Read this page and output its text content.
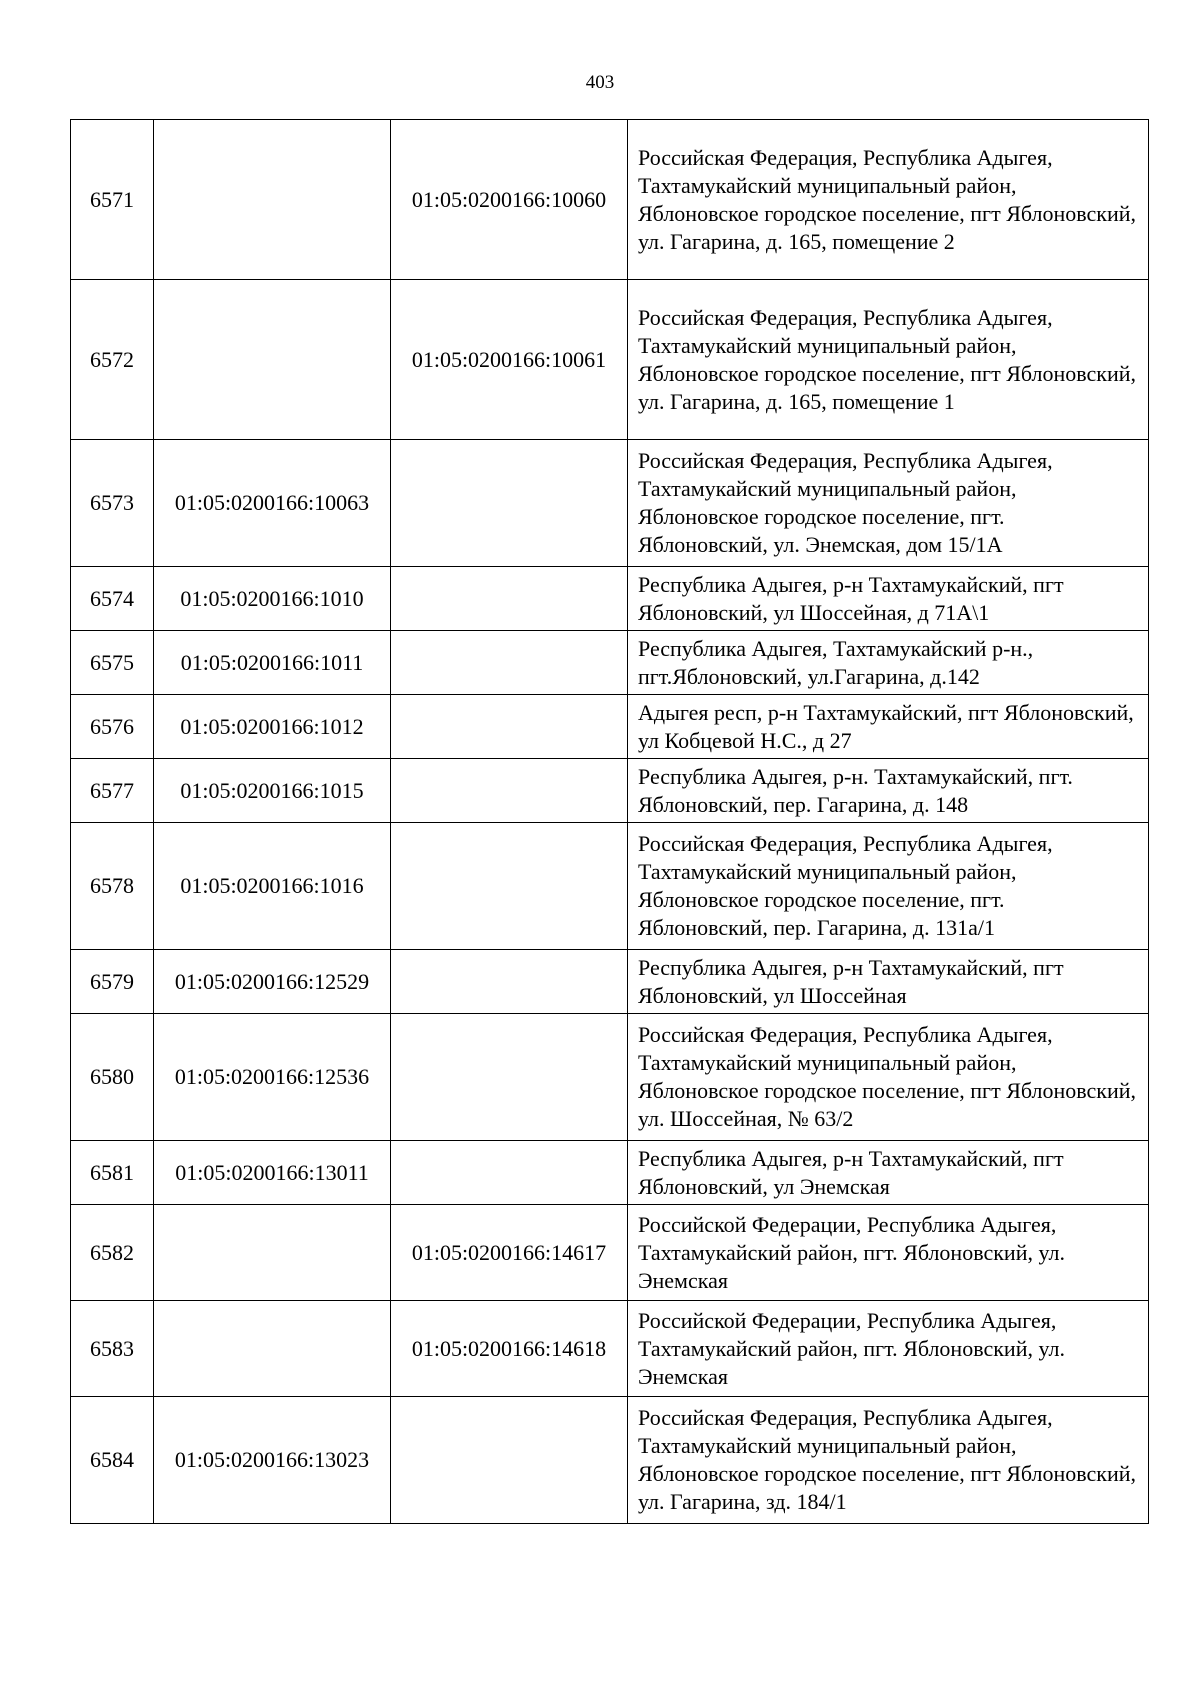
403
6571		01:05:0200166:10060	Российская Федерация, Республика Адыгея, Тахтамукайский муниципальный район, Яблоновское городское поселение, пгт Яблоновский, ул. Гагарина, д. 165, помещение 2
6572		01:05:0200166:10061	Российская Федерация, Республика Адыгея, Тахтамукайский муниципальный район, Яблоновское городское поселение, пгт Яблоновский, ул. Гагарина, д. 165, помещение 1
6573	01:05:0200166:10063		Российская Федерация, Республика Адыгея, Тахтамукайский муниципальный район, Яблоновское городское поселение, пгт. Яблоновский, ул. Энемская, дом 15/1А
6574	01:05:0200166:1010		Республика Адыгея, р-н Тахтамукайский, пгт Яблоновский, ул Шоссейная, д 71А\1
6575	01:05:0200166:1011		Республика Адыгея, Тахтамукайский р-н., пгт.Яблоновский, ул.Гагарина, д.142
6576	01:05:0200166:1012		Адыгея респ, р-н Тахтамукайский, пгт Яблоновский, ул Кобцевой Н.С., д 27
6577	01:05:0200166:1015		Республика Адыгея, р-н. Тахтамукайский, пгт. Яблоновский, пер. Гагарина, д. 148
6578	01:05:0200166:1016		Российская Федерация, Республика Адыгея, Тахтамукайский муниципальный район, Яблоновское городское поселение, пгт. Яблоновский, пер. Гагарина, д. 131а/1
6579	01:05:0200166:12529		Республика Адыгея, р-н Тахтамукайский, пгт Яблоновский, ул Шоссейная
6580	01:05:0200166:12536		Российская Федерация, Республика Адыгея, Тахтамукайский муниципальный район, Яблоновское городское поселение, пгт Яблоновский, ул. Шоссейная, № 63/2
6581	01:05:0200166:13011		Республика Адыгея, р-н Тахтамукайский, пгт Яблоновский, ул Энемская
6582		01:05:0200166:14617	Российской Федерации, Республика Адыгея, Тахтамукайский район, пгт. Яблоновский, ул. Энемская
6583		01:05:0200166:14618	Российской Федерации, Республика Адыгея, Тахтамукайский район, пгт. Яблоновский, ул. Энемская
6584	01:05:0200166:13023		Российская Федерация, Республика Адыгея, Тахтамукайский муниципальный район, Яблоновское городское поселение, пгт Яблоновский, ул. Гагарина, зд. 184/1
